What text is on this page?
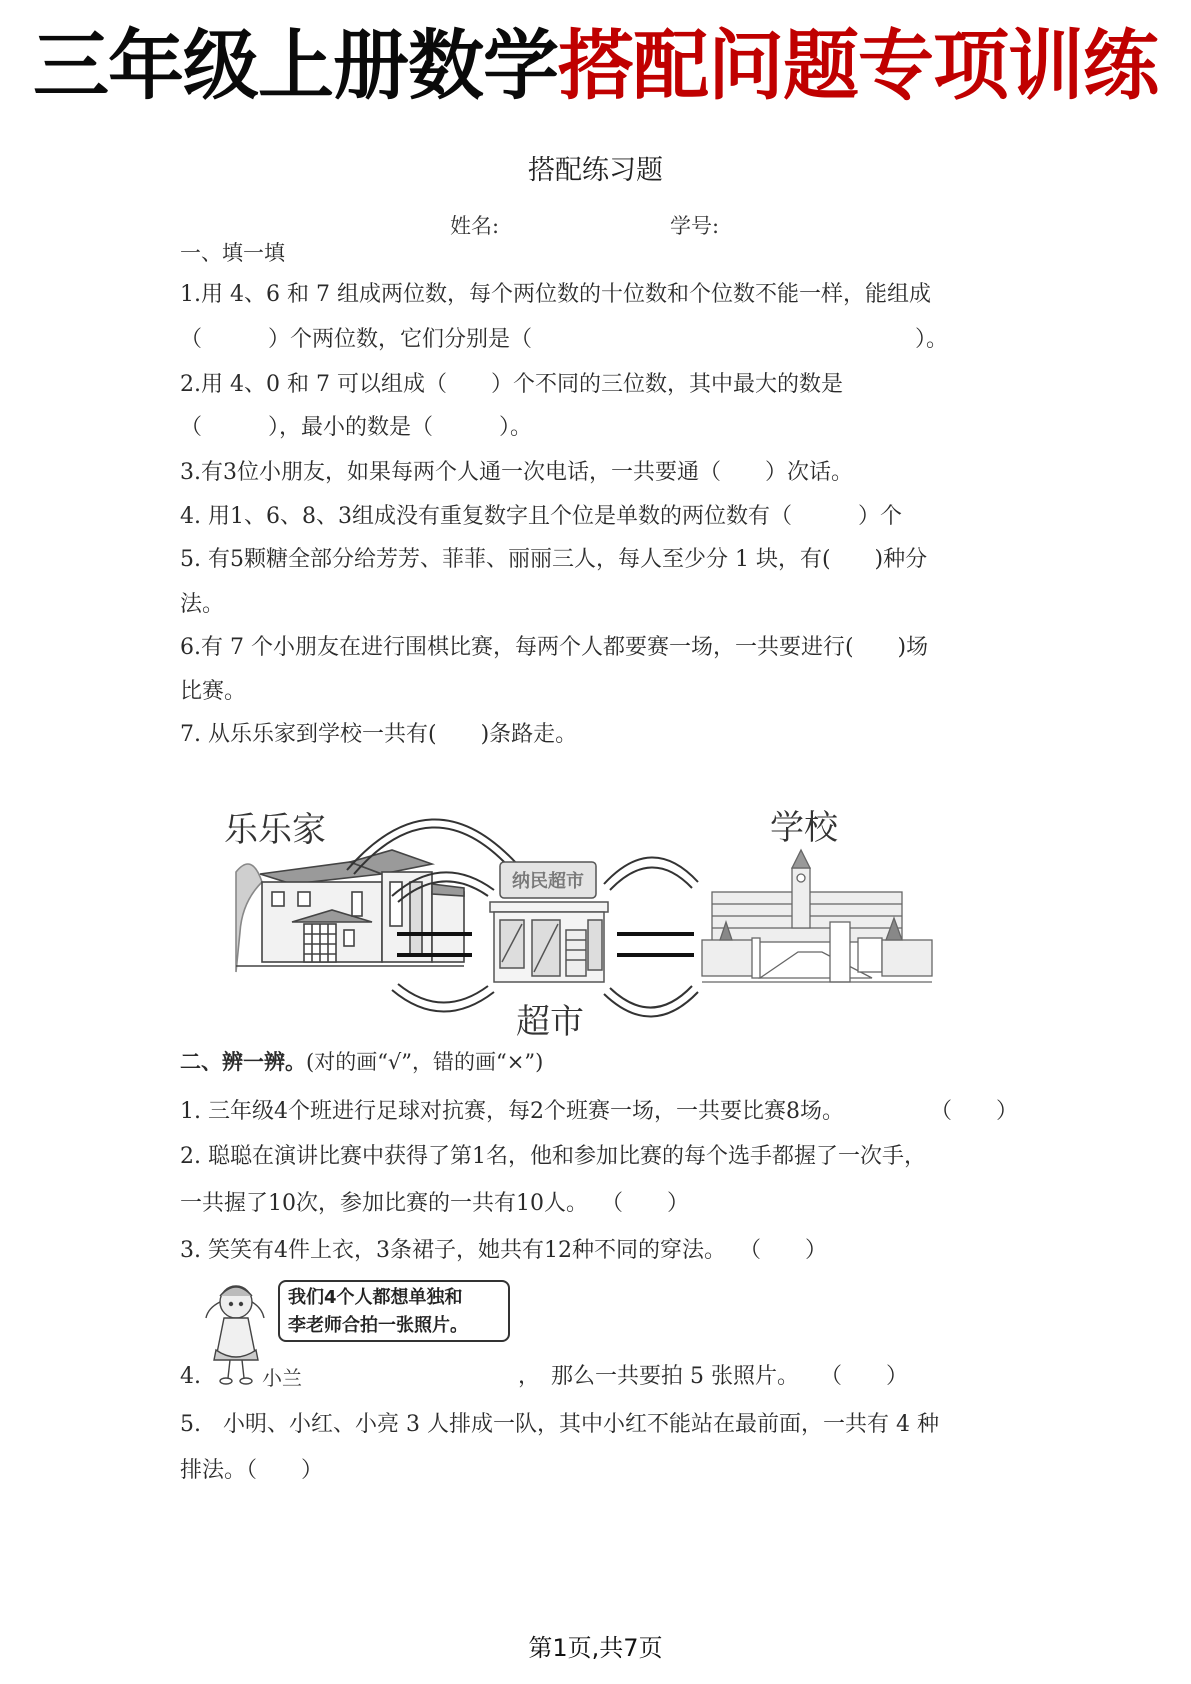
三年级上册数学搭配问题专项训练
搭配练习题
姓名:	学号:
一、填一填
1.用 4、6 和 7 组成两位数，每个两位数的十位数和个位数不能一样，能组成
（　　　）个两位数，它们分别是（	）。
2.用 4、0 和 7 可以组成（　　）个不同的三位数，其中最大的数是
（　　　），最小的数是（　　　）。
3.有3位小朋友，如果每两个人通一次电话，一共要通（　　）次话。
4. 用1、6、8、3组成没有重复数字且个位是单数的两位数有（　　　）个
5. 有5颗糖全部分给芳芳、菲菲、丽丽三人，每人至少分 1 块，有(　　)种分
法。
6.有 7 个小朋友在进行围棋比赛，每两个人都要赛一场，一共要进行(　　)场
比赛。
7. 从乐乐家到学校一共有(　　)条路走。
纳民超市
乐乐家	学校
超市
二、辨一辨。(对的画“√”，错的画“×”)
1. 三年级4个班进行足球对抗赛，每2个班赛一场，一共要比赛8场。	（　　）
2. 聪聪在演讲比赛中获得了第1名，他和参加比赛的每个选手都握了一次手，
一共握了10次，参加比赛的一共有10人。 （　　）
3. 笑笑有4件上衣，3条裙子，她共有12种不同的穿法。 （　　）
我们4个人都想单独和
李老师合拍一张照片。
小兰
4.	，　那么一共要拍 5 张照片。 （　　）
5.　小明、小红、小亮 3 人排成一队，其中小红不能站在最前面，一共有 4 种
排法。（　　）
第1页,共7页
